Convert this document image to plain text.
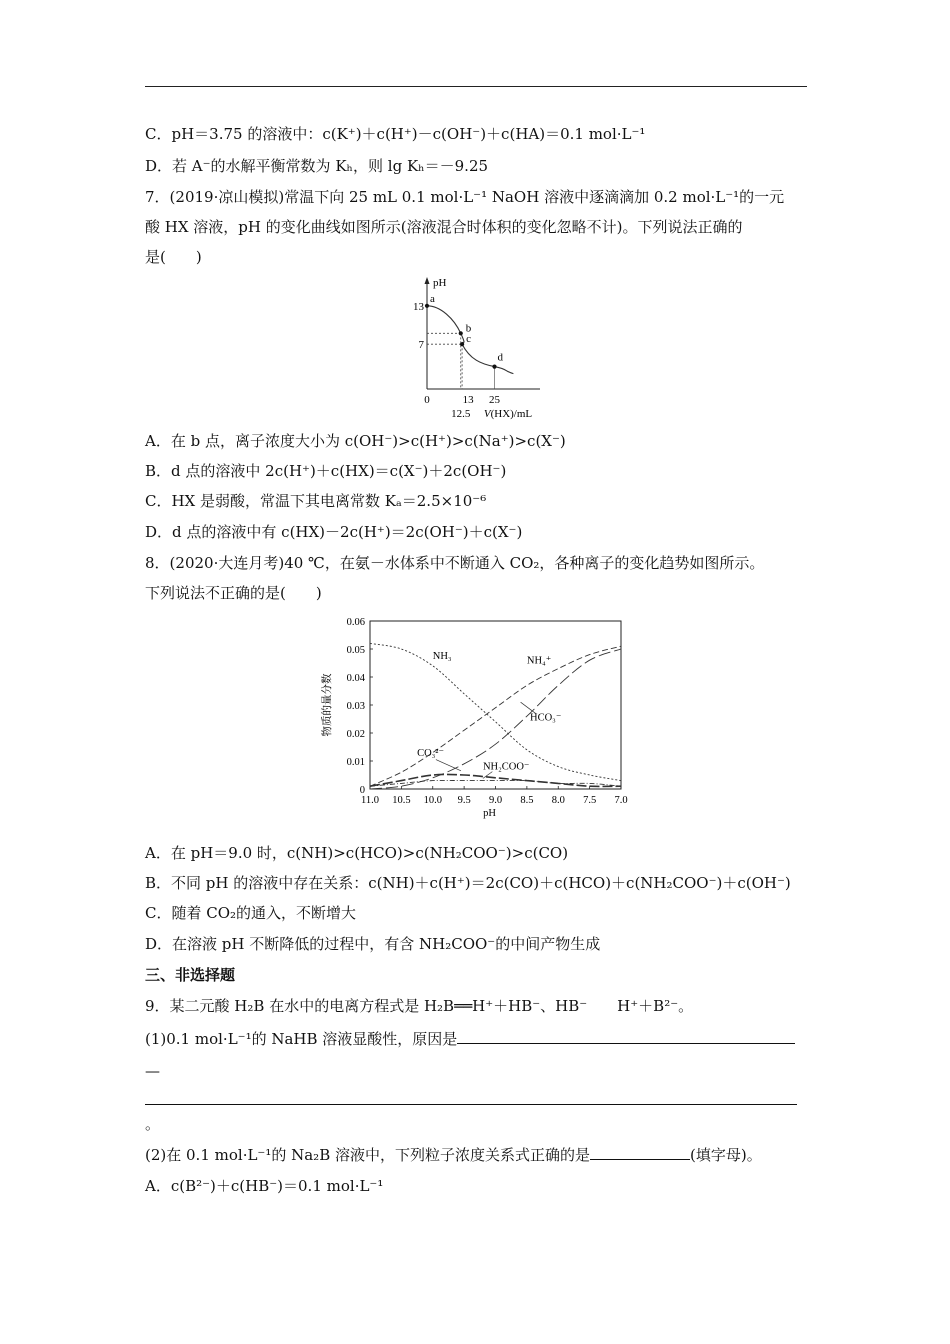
C．pH＝3.75 的溶液中：c(K⁺)＋c(H⁺)－c(OH⁻)＋c(HA)＝0.1 mol·L⁻¹
D．若 A⁻的水解平衡常数为 Kₕ，则 lg Kₕ＝－9.25
7．(2019·凉山模拟)常温下向 25 mL 0.1 mol·L⁻¹ NaOH 溶液中逐滴滴加 0.2 mol·L⁻¹的一元
酸 HX 溶液，pH 的变化曲线如图所示(溶液混合时体积的变化忽略不计)。下列说法正确的
是(　　)
pH
a
b
c
d
13
7
0
12.5
13 25
V(HX)/mL
A．在 b 点，离子浓度大小为 c(OH⁻)>c(H⁺)>c(Na⁺)>c(X⁻)
B．d 点的溶液中 2c(H⁺)＋c(HX)＝c(X⁻)＋2c(OH⁻)
C．HX 是弱酸，常温下其电离常数 Kₐ＝2.5×10⁻⁶
D．d 点的溶液中有 c(HX)－2c(H⁺)＝2c(OH⁻)＋c(X⁻)
8．(2020·大连月考)40 ℃，在氨－水体系中不断通入 CO₂，各种离子的变化趋势如图所示。
下列说法不正确的是(　　)
11.0 10.5 10.0 9.5 9.0 8.5 8.0 7.5 7.0
0
0.01
0.02
0.03
0.04
0.05
0.06
pH
物质的量分数
NH₃	NH₄⁺
HCO₃⁻
CO₃²⁻
NH₂COO⁻
A．在 pH＝9.0 时，c(NH)>c(HCO)>c(NH₂COO⁻)>c(CO)
B．不同 pH 的溶液中存在关系：c(NH)＋c(H⁺)＝2c(CO)＋c(HCO)＋c(NH₂COO⁻)＋c(OH⁻)
C．随着 CO₂的通入，不断增大
D．在溶液 pH 不断降低的过程中，有含 NH₂COO⁻的中间产物生成
三、非选择题
9．某二元酸 H₂B 在水中的电离方程式是 H₂B══H⁺＋HB⁻、HB⁻　　H⁺＋B²⁻。
(1)0.1 mol·L⁻¹的 NaHB 溶液显酸性，原因是
—
。
(2)在 0.1 mol·L⁻¹的 Na₂B 溶液中，下列粒子浓度关系式正确的是	(填字母)。
A．c(B²⁻)＋c(HB⁻)＝0.1 mol·L⁻¹
